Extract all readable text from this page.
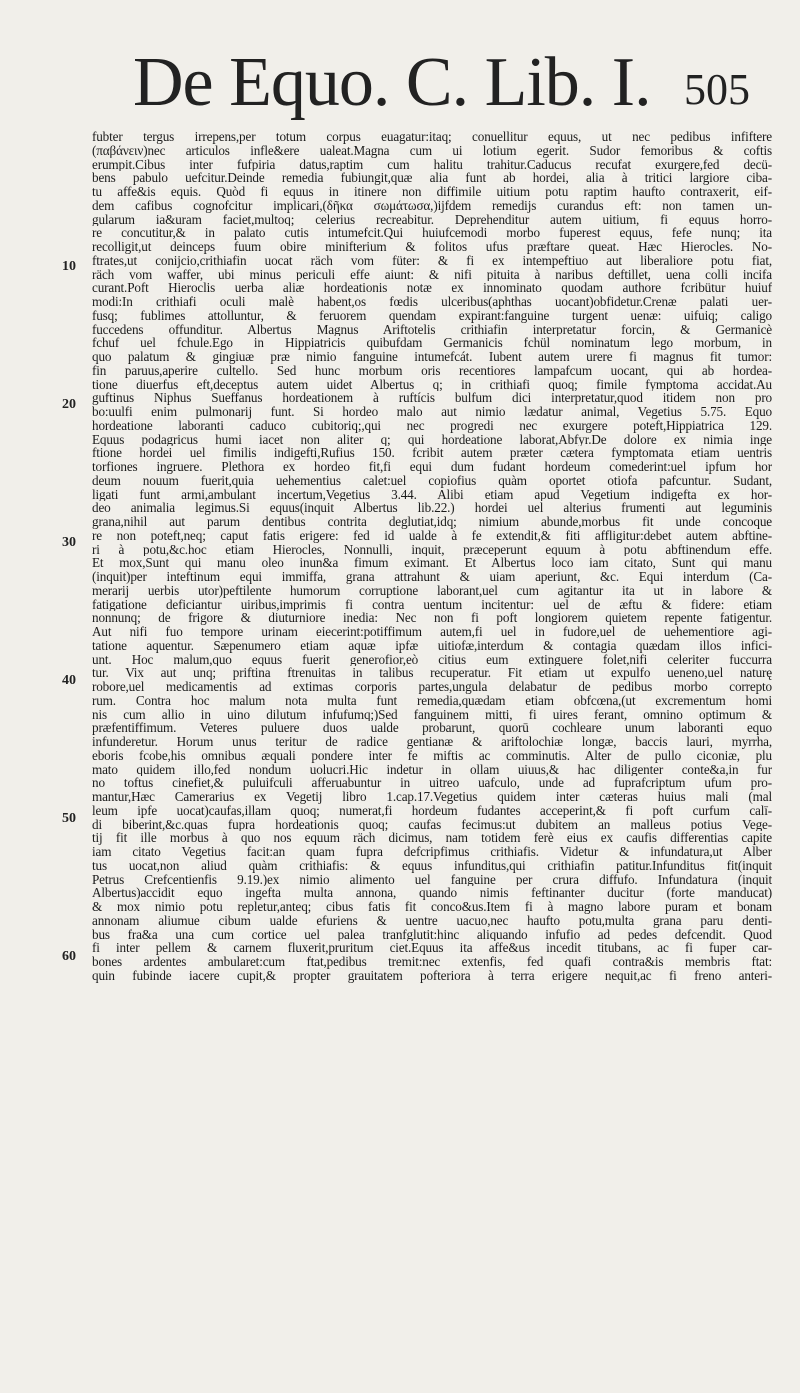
De Equo. C. Lib. I. 505
10
20
30
40
50
60
fubter tergus irrepens,per totum corpus euagatur:itaq; conuellitur equus, ut nec pedibus infiftere
(παβάνειν)nec articulos infle&ere ualeat.Magna cum ui lotium egerit. Sudor femoribus & coftis
erumpit.Cibus inter fufpiria datus,raptim cum halitu trahitur.Caducus recufat exurgere,fed decü-
bens pabulo uefcitur.Deinde remedia fubiungit,quæ alia funt ab hordei, alia à tritici largiore ciba-
tu affe&is equis. Quòd fi equus in itinere non diffimile uitium potu raptim haufto contraxerit, eif-
dem cafibus cognofcitur implicari,(δῆκα σωμάτωσα,)ijfdem remedijs curandus eft: non tamen un-
gularum ia&uram faciet,multoq; celerius recreabitur. Deprehenditur autem uitium, fi equus horro-
re concutitur,& in palato cutis intumefcit.Qui huiufcemodi morbo fuperest equus, fefe nunq; ita
recolligit,ut deinceps fuum obire minifterium & folitos ufus præftare queat. Hæc Hierocles. No-
ftrates,ut conijcio,crithiafin uocat räch vom füter: & fi ex intempeftiuo aut liberaliore potu fiat,
räch vom waffer, ubi minus periculi effe aiunt: & nifi pituita à naribus deftillet, uena colli incifa
curant.Poft Hieroclis uerba aliæ hordeationis notæ ex innominato quodam authore fcribütur huiuf
modi:In crithiafi oculi malè habent,os fœdis ulceribus(aphthas uocant)obfidetur.Crenæ palati uer-
fusq; fublimes attolluntur, & feruorem quendam expirant:fanguine turgent uenæ: uifuiq; caligo
fuccedens offunditur. Albertus Magnus Ariftotelis crithiafin interpretatur forcin, & Germanicè
fchuf uel fchule.Ego in Hippiatricis quibufdam Germanicis fchül nominatum lego morbum, in
quo palatum & gingiuæ præ nimio fanguine intumefcát. Iubent autem urere fi magnus fit tumor:
fin paruus,aperire cultello. Sed hunc morbum oris recentiores lampafcum uocant, qui ab hordea-
tione diuerfus eft,deceptus autem uidet Albertus q; in crithiafi quoq; fimile fymptoma accidat.Au
guftinus Niphus Sueffanus hordeationem à ruftícis bulfum dici interpretatur,quod itidem non pro
bo:uulfi enim pulmonarij funt. Si hordeo malo aut nimio lædatur animal, Vegetius 5.75. Equo
hordeatione laboranti caduco cubitoriq;,qui nec progredi nec exurgere poteft,Hippiatrica 129.
Equus podagricus humi iacet non aliter q; qui hordeatione laborat,Abfyr.De dolore ex nimia inge
ftione hordei uel fimilis indigefti,Rufius 150. fcribit autem præter cætera fymptomata etiam uentris
torfiones ingruere. Plethora ex hordeo fit,fi equi dum fudant hordeum comederint:uel ipfum hor
deum nouum fuerit,quia uehementius calet:uel copiofius quàm oportet otiofa pafcuntur. Sudant,
ligati funt armi,ambulant incertum,Vegetius 3.44. Alibi etiam apud Vegetium indigefta ex hor-
deo animalia legimus.Si equus(inquit Albertus lib.22.) hordei uel alterius frumenti aut leguminis
grana,nihil aut parum dentibus contrita deglutiat,idq; nimium abunde,morbus fit unde concoque
re non poteft,neq; caput fatis erigere: fed id ualde à fe extendit,& fiti affligitur:debet autem abftine-
ri à potu,&c.hoc etiam Hierocles, Nonnulli, inquit, præceperunt equum à potu abftinendum effe.
Et mox,Sunt qui manu oleo inun&a fimum eximant. Et Albertus loco iam citato, Sunt qui manu
(inquit)per inteftinum equi immiffa, grana attrahunt & uiam aperiunt, &c. Equi interdum (Ca-
merarij uerbis utor)peftilente humorum corruptione laborant,uel cum agitantur ita ut in labore &
fatigatione deficiantur uiribus,imprimis fi contra uentum incitentur: uel de æftu & fidere: etiam
nonnunq; de frigore & diuturniore inedia: Nec non fi poft longiorem quietem repente fatigentur.
Aut nifi fuo tempore urinam eiecerint:potiffimum autem,fi uel in fudore,uel de uehementiore agi-
tatione aquentur. Sæpenumero etiam aquæ ipfæ uitiofæ,interdum & contagia quædam illos infici-
unt. Hoc malum,quo equus fuerit generofior,eò citius eum extinguere folet,nifi celeriter fuccurra
tur. Vix aut unq; priftina ftrenuitas in talibus recuperatur. Fit etiam ut expulfo ueneno,uel naturę
robore,uel medicamentis ad extimas corporis partes,ungula delabatur de pedibus morbo correpto
rum. Contra hoc malum nota multa funt remedia,quædam etiam obfcœna,(ut excrementum homi
nis cum allio in uino dilutum infufumq;)Sed fanguinem mitti, fi uires ferant, omnino optimum &
præfentiffimum. Veteres puluere duos ualde probarunt, quorū cochleare unum laboranti equo
infunderetur. Horum unus teritur de radice gentianæ & ariftolochiæ longæ, baccis lauri, myrrha,
eboris fcobe,his omnibus æquali pondere inter fe miftis ac comminutis. Alter de pullo ciconiæ, plu
mato quidem illo,fed nondum uolucri.Hic indetur in ollam uiuus,& hac diligenter conte&a,in fur
no toftus cinefiet,& puluifculi afferuabuntur in uitreo uafculo, unde ad fuprafcriptum ufum pro-
mantur,Hæc Camerarius ex Vegetij libro 1.cap.17.Vegetius quidem inter cæteras huius mali (mal
leum ipfe uocat)caufas,illam quoq; numerat,fi hordeum fudantes acceperint,& fi poft curfum calī-
di biberint,&c.quas fupra hordeationis quoq; caufas fecimus:ut dubitem an malleus potius Vege-
tij fit ille morbus à quo nos equum räch dicimus, nam totidem ferè eius ex caufis differentias capite
iam citato Vegetius facit:an quam fupra defcripfimus crithiafis. Videtur & infundatura,ut Alber
tus uocat,non aliud quàm crithiafis: & equus infunditus,qui crithiafin patitur.Infunditus fit(inquit
Petrus Crefcentienfis 9.19.)ex nimio alimento uel fanguine per crura diffufo. Infundatura (inquit
Albertus)accidit equo ingefta multa annona, quando nimis feftinanter ducitur (forte manducat)
& mox nimio potu repletur,anteq; cibus fatis fit conco&us.Item fi à magno labore puram et bonam
annonam aliumue cibum ualde efuriens & uentre uacuo,nec haufto potu,multa grana paru denti-
bus fra&a una cum cortice uel palea tranfglutit:hinc aliquando infufio ad pedes defcendit. Quod
fi inter pellem & carnem fluxerit,pruritum ciet.Equus ita affe&us incedit titubans, ac fi fuper car-
bones ardentes ambularet:cum ftat,pedibus tremit:nec extenfis, fed quafi contra&is membris ftat:
quin fubinde iacere cupit,& propter grauitatem pofteriora à terra erigere nequit,ac fi freno anteri-
